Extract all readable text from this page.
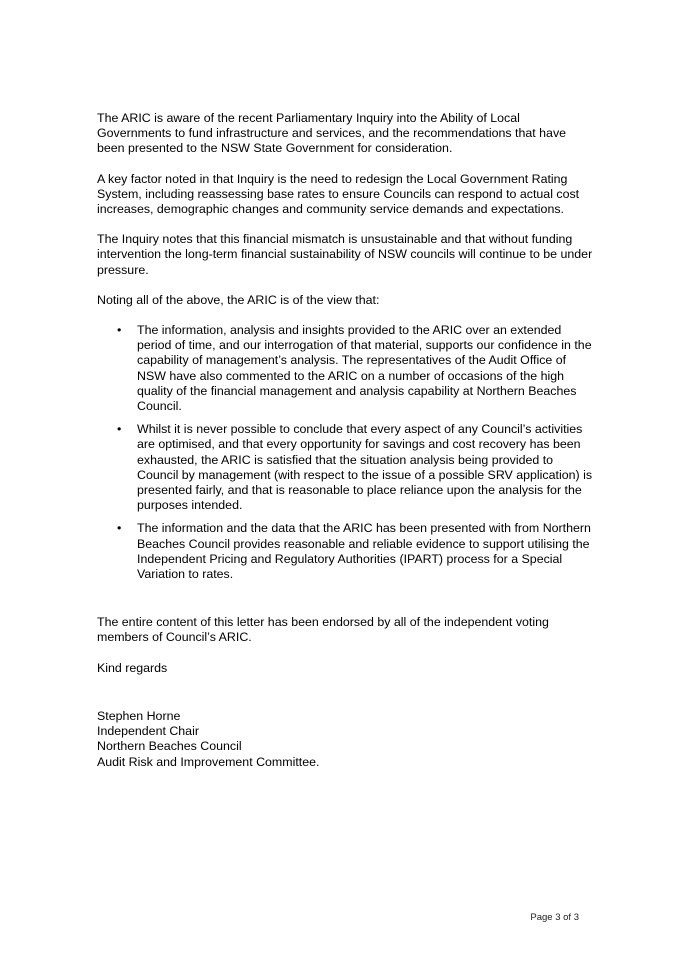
The ARIC is aware of the recent Parliamentary Inquiry into the Ability of Local Governments to fund infrastructure and services, and the recommendations that have been presented to the NSW State Government for consideration.

A key factor noted in that Inquiry is the need to redesign the Local Government Rating System, including reassessing base rates to ensure Councils can respond to actual cost increases, demographic changes and community service demands and expectations.

The Inquiry notes that this financial mismatch is unsustainable and that without funding intervention the long-term financial sustainability of NSW councils will continue to be under pressure.

Noting all of the above, the ARIC is of the view that:

• The information, analysis and insights provided to the ARIC over an extended period of time, and our interrogation of that material, supports our confidence in the capability of management’s analysis. The representatives of the Audit Office of NSW have also commented to the ARIC on a number of occasions of the high quality of the financial management and analysis capability at Northern Beaches Council.
• Whilst it is never possible to conclude that every aspect of any Council’s activities are optimised, and that every opportunity for savings and cost recovery has been exhausted, the ARIC is satisfied that the situation analysis being provided to Council by management (with respect to the issue of a possible SRV application) is presented fairly, and that is reasonable to place reliance upon the analysis for the purposes intended.
• The information and the data that the ARIC has been presented with from Northern Beaches Council provides reasonable and reliable evidence to support utilising the Independent Pricing and Regulatory Authorities (IPART) process for a Special Variation to rates.

The entire content of this letter has been endorsed by all of the independent voting members of Council’s ARIC.

Kind regards

Stephen Horne
Independent Chair
Northern Beaches Council
Audit Risk and Improvement Committee.
Page 3 of 3
